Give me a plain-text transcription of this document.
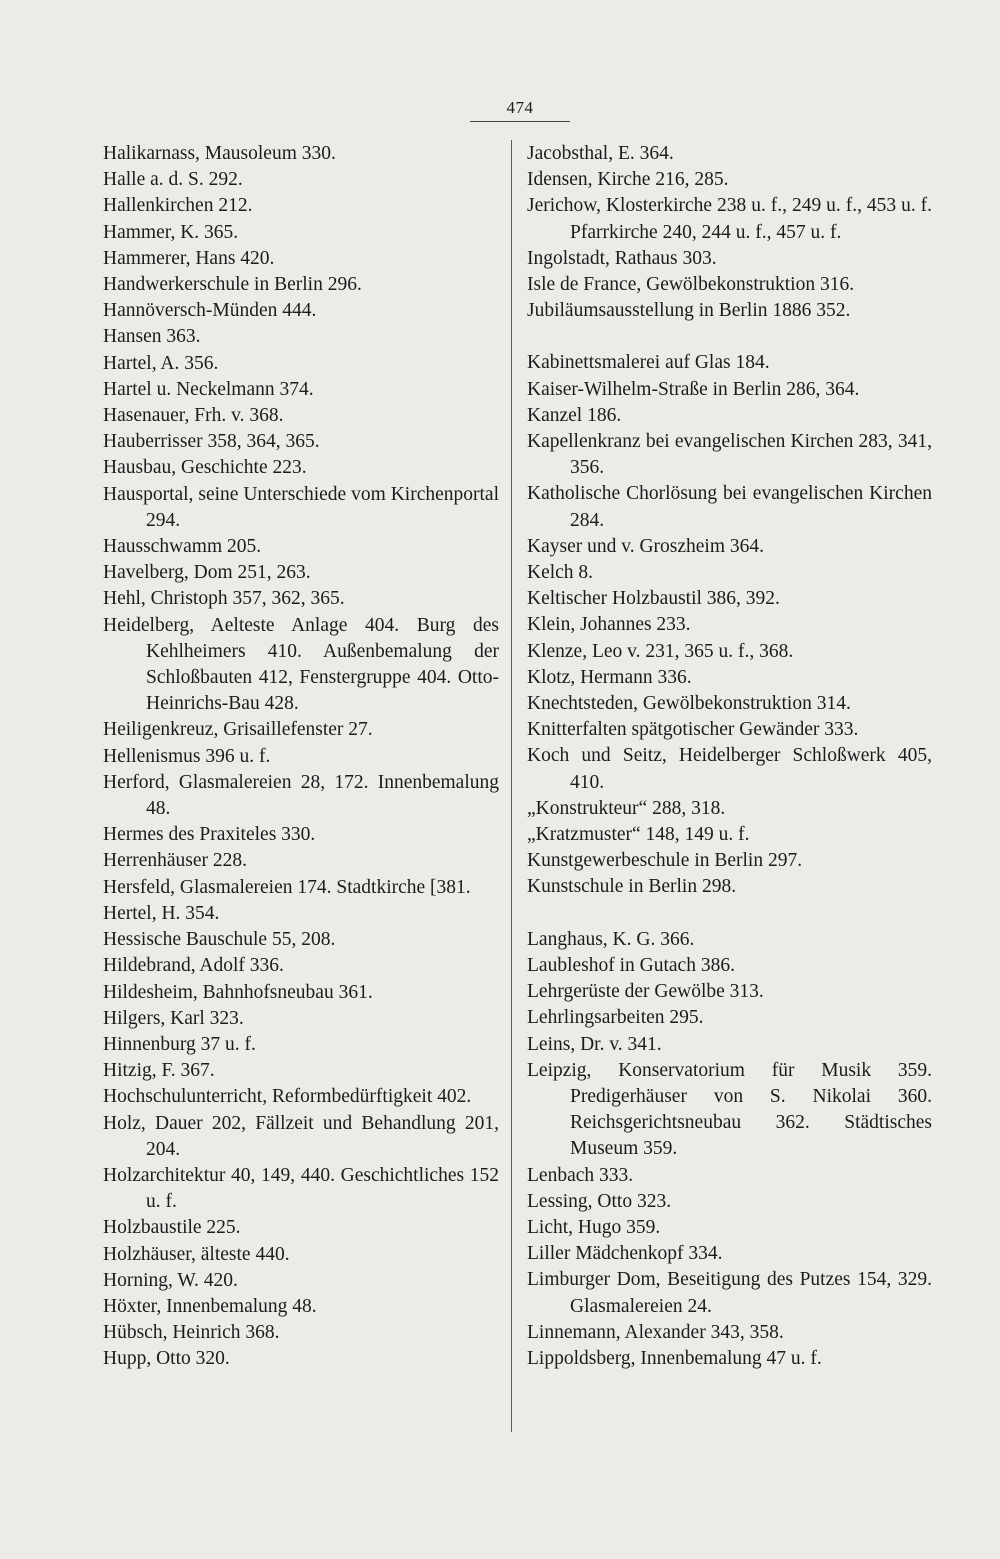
474
Halikarnass, Mausoleum 330.
Halle a. d. S. 292.
Hallenkirchen 212.
Hammer, K. 365.
Hammerer, Hans 420.
Handwerkerschule in Berlin 296.
Hannöversch-Münden 444.
Hansen 363.
Hartel, A. 356.
Hartel u. Neckelmann 374.
Hasenauer, Frh. v. 368.
Hauberrisser 358, 364, 365.
Hausbau, Geschichte 223.
Hausportal, seine Unterschiede vom Kirchenportal 294.
Hausschwamm 205.
Havelberg, Dom 251, 263.
Hehl, Christoph 357, 362, 365.
Heidelberg, Aelteste Anlage 404. Burg des Kehlheimers 410. Außenbemalung der Schloßbauten 412, Fenstergruppe 404. Otto-Heinrichs-Bau 428.
Heiligenkreuz, Grisaillefenster 27.
Hellenismus 396 u. f.
Herford, Glasmalereien 28, 172. Innenbemalung 48.
Hermes des Praxiteles 330.
Herrenhäuser 228.
Hersfeld, Glasmalereien 174. Stadtkirche [381.
Hertel, H. 354.
Hessische Bauschule 55, 208.
Hildebrand, Adolf 336.
Hildesheim, Bahnhofsneubau 361.
Hilgers, Karl 323.
Hinnenburg 37 u. f.
Hitzig, F. 367.
Hochschulunterricht, Reformbedürftigkeit 402.
Holz, Dauer 202, Fällzeit und Behandlung 201, 204.
Holzarchitektur 40, 149, 440. Geschichtliches 152 u. f.
Holzbaustile 225.
Holzhäuser, älteste 440.
Horning, W. 420.
Höxter, Innenbemalung 48.
Hübsch, Heinrich 368.
Hupp, Otto 320.
Jacobsthal, E. 364.
Idensen, Kirche 216, 285.
Jerichow, Klosterkirche 238 u. f., 249 u. f., 453 u. f. Pfarrkirche 240, 244 u. f., 457 u. f.
Ingolstadt, Rathaus 303.
Isle de France, Gewölbekonstruktion 316.
Jubiläumsausstellung in Berlin 1886 352.
Kabinettsmalerei auf Glas 184.
Kaiser-Wilhelm-Straße in Berlin 286, 364.
Kanzel 186.
Kapellenkranz bei evangelischen Kirchen 283, 341, 356.
Katholische Chorlösung bei evangelischen Kirchen 284.
Kayser und v. Groszheim 364.
Kelch 8.
Keltischer Holzbaustil 386, 392.
Klein, Johannes 233.
Klenze, Leo v. 231, 365 u. f., 368.
Klotz, Hermann 336.
Knechtsteden, Gewölbekonstruktion 314.
Knitterfalten spätgotischer Gewänder 333.
Koch und Seitz, Heidelberger Schloßwerk 405, 410.
„Konstrukteur“ 288, 318.
„Kratzmuster“ 148, 149 u. f.
Kunstgewerbeschule in Berlin 297.
Kunstschule in Berlin 298.
Langhaus, K. G. 366.
Laubleshof in Gutach 386.
Lehrgerüste der Gewölbe 313.
Lehrlingsarbeiten 295.
Leins, Dr. v. 341.
Leipzig, Konservatorium für Musik 359. Predigerhäuser von S. Nikolai 360. Reichsgerichtsneubau 362. Städtisches Museum 359.
Lenbach 333.
Lessing, Otto 323.
Licht, Hugo 359.
Liller Mädchenkopf 334.
Limburger Dom, Beseitigung des Putzes 154, 329. Glasmalereien 24.
Linnemann, Alexander 343, 358.
Lippoldsberg, Innenbemalung 47 u. f.
